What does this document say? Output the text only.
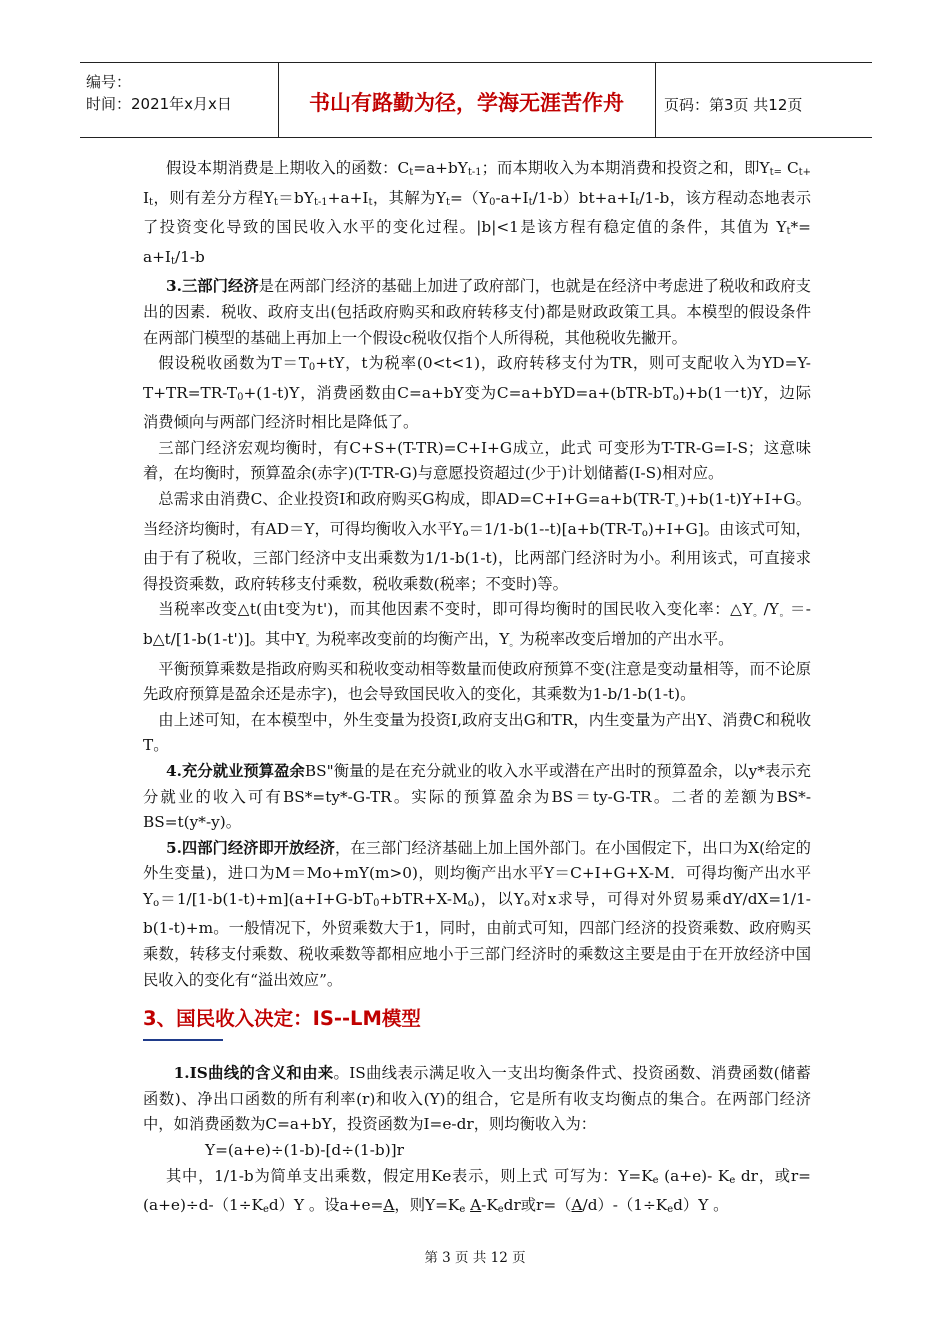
编号：
时间：2021年x月x日	书山有路勤为径，学海无涯苦作舟	页码：第3页 共12页

假设本期消费是上期收入的函数：$C_t=a+bY_{t-1}$；而本期收入为本期消费和投资之和，即$Y_{t=}$ $C_{t+}$ $I_t$，则有差分方程$Y_t=bY_{t-1}+a+I_t$，其解为$Y_t=(Y_0-a+I_t/1-b)bt+a+I_t/1-b$，该方程动态地表示了投资变化导致的国民收入水平的变化过程。|b|<1是该方程有稳定值的条件，其值为 $Y_t*= a+I_t/1-b$

3.三部门经济是在两部门经济的基础上加进了政府部门，也就是在经济中考虑进了税收和政府支出的因素．税收、政府支出(包括政府购买和政府转移支付)都是财政政策工具。本模型的假设条件在两部门模型的基础上再加上一个假设c税收仅指个人所得税，其他税收先撇开。

假设税收函数为$T=T_0+tY$，t为税率(0<t<1)，政府转移支付为TR，则可支配收入为$YD=Y-T+TR=TR-T_0+(1-t)Y$，消费函数由C=a+bY变为$C=a+bYD=a+(bTR-bT_o)+b(1$一t)Y，边际消费倾向与两部门经济时相比是降低了。

三部门经济宏观均衡时，有C+S+(T-TR)=C+I+G成立，此式 可变形为T-TR-G=I-S；这意味着，在均衡时，预算盈余(赤字)(T-TR-G)与意愿投资超过(少于)计划储蓄(I-S)相对应。

总需求由消费C、企业投资I和政府购买G构成，即$AD=C+I+G=a+b(TR-T_。)+b(1-t)Y+I+G$。当经济均衡时，有AD＝Y，可得均衡收入水平$Y_o=1/1-b(1--t)[a+b(TR-T_o)+I+G]$。由该式可知，由于有了税收，三部门经济中支出乘数为1/1-b(1-t)，比两部门经济时为小。利用该式，可直接求得投资乘数，政府转移支付乘数，税收乘数(税率；不变时)等。

当税率改变△t(由t变为t')，而其他因素不变时，即可得均衡时的国民收入变化率：$\triangle Y_。/Y_。=-b\triangle t/[1-b(1-t')]$。其中$Y_。$为税率改变前的均衡产出，$Y_。$为税率改变后增加的产出水平。

平衡预算乘数是指政府购买和税收变动相等数量而使政府预算不变(注意是变动量相等，而不论原先政府预算是盈余还是赤字)，也会导致国民收入的变化，其乘数为1-b/1-b(1-t)。

由上述可知，在本模型中，外生变量为投资I,政府支出G和TR，内生变量为产出Y、消费C和税收T。

4.充分就业预算盈余BS"衡量的是在充分就业的收入水平或潜在产出时的预算盈余，以y*表示充分就业的收入可有BS*=ty*-G-TR。实际的预算盈余为BS＝ty-G-TR。二者的差额为BS*-BS=t(y*-y)。

5.四部门经济即开放经济，在三部门经济基础上加上国外部门。在小国假定下，出口为X(给定的外生变量)，进口为M＝Mo+mY(m>0)，则均衡产出水平Y＝C+I+G+X-M．可得均衡产出水平$Y_o=1/[1-b(1-t)+m](a+I+G-bT_0+bTR+X-M_o)$，以$Y_o$对x求导，可得对外贸易乘dY/dX=1/1-b(1-t)+m。一般情况下，外贸乘数大于1，同时，由前式可知，四部门经济的投资乘数、政府购买乘数，转移支付乘数、税收乘数等都相应地小于三部门经济时的乘数这主要是由于在开放经济中国民收入的变化有“溢出效应”。

3、国民收入决定：IS--LM模型

1.IS曲线的含义和由来。IS曲线表示满足收入一支出均衡条件式、投资函数、消费函数(储蓄函数)、净出口函数的所有利率(r)和收入(Y)的组合，它是所有收支均衡点的集合。在两部门经济中，如消费函数为C=a+bY，投资函数为I=e-dr，则均衡收入为：

Y=(a+e)÷(1-b)-[d÷(1-b)]r

其中，1/1-b为简单支出乘数，假定用Ke表示，则上式 可写为：$Y=K_e$ (a+e)- $K_e$ dr，或$r=(a+e)\div d-(1\div K_ed)Y$ 。设a+e=A，则$Y=K_e$ $A-K_edr$或$r=(A/d)-(1\div K_ed)Y$ 。

第 3 页 共 12 页
